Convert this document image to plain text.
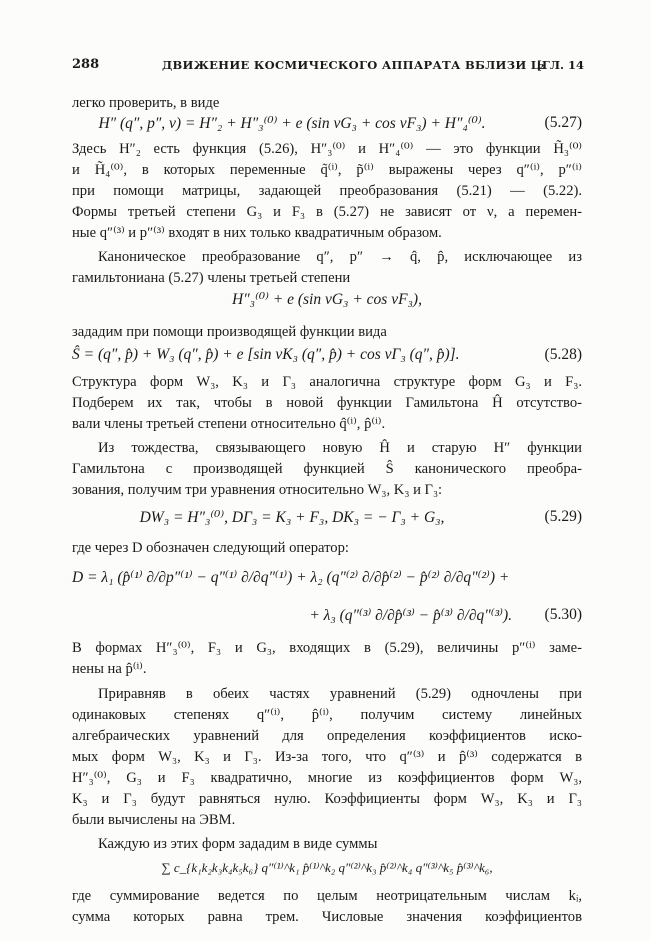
288	ДВИЖЕНИЕ КОСМИЧЕСКОГО АППАРАТА ВБЛИЗИ L₂
[ГЛ. 14
легко проверить, в виде
H″ (q″, p″, ν) = H″₂ + H″₃⁽⁰⁾ + e (sin νG₃ + cos νF₃) + H″₄⁽⁰⁾.	(5.27)
Здесь H″₂ есть функция (5.26), H″₃⁽⁰⁾ и H″₄⁽⁰⁾ — это функции H̃₃⁽⁰⁾
и H̃₄⁽⁰⁾, в которых переменные q̃⁽ⁱ⁾, p̃⁽ⁱ⁾ выражены через q″⁽ⁱ⁾, p″⁽ⁱ⁾
при помощи матрицы, задающей преобразования (5.21) — (5.22).
Формы третьей степени G₃ и F₃ в (5.27) не зависят от ν, а перемен-
ные q″⁽³⁾ и p″⁽³⁾ входят в них только квадратичным образом.
Каноническое преобразование q″, p″ → q̂, p̂, исключающее из
гамильтониана (5.27) члены третьей степени
H″₃⁽⁰⁾ + e (sin νG₃ + cos νF₃),
зададим при помощи производящей функции вида
Ŝ = (q″, p̂) + W₃ (q″, p̂) + e [sin νK₃ (q″, p̂) + cos νΓ₃ (q″, p̂)].	(5.28)
Структура форм W₃, K₃ и Γ₃ аналогична структуре форм G₃ и F₃.
Подберем их так, чтобы в новой функции Гамильтона Ĥ отсутство-
вали члены третьей степени относительно q̂⁽ⁱ⁾, p̂⁽ⁱ⁾.
Из тождества, связывающего новую Ĥ и старую H″ функции
Гамильтона с производящей функцией Ŝ канонического преобра-
зования, получим три уравнения относительно W₃, K₃ и Γ₃:
DW₃ = H″₃⁽⁰⁾, DΓ₃ = K₃ + F₃, DK₃ = − Γ₃ + G₃,	(5.29)
где через D обозначен следующий оператор:
D = λ₁ (p̂⁽¹⁾ ∂/∂p″⁽¹⁾ − q″⁽¹⁾ ∂/∂q″⁽¹⁾) + λ₂ (q″⁽²⁾ ∂/∂p̂⁽²⁾ − p̂⁽²⁾ ∂/∂q″⁽²⁾) +
+ λ₃ (q″⁽³⁾ ∂/∂p̂⁽³⁾ − p̂⁽³⁾ ∂/∂q″⁽³⁾). (5.30)
В формах H″₃⁽⁰⁾, F₃ и G₃, входящих в (5.29), величины p″⁽ⁱ⁾ заме-
нены на p̂⁽ⁱ⁾.
Приравняв в обеих частях уравнений (5.29) одночлены при
одинаковых степенях q″⁽ⁱ⁾, p̂⁽ⁱ⁾, получим систему линейных
алгебраических уравнений для определения коэффициентов иско-
мых форм W₃, K₃ и Γ₃. Из-за того, что q″⁽³⁾ и p̂⁽³⁾ содержатся в
H″₃⁽⁰⁾, G₃ и F₃ квадратично, многие из коэффициентов форм W₃,
K₃ и Γ₃ будут равняться нулю. Коэффициенты форм W₃, K₃ и Γ₃
были вычислены на ЭВМ.
Каждую из этих форм зададим в виде суммы
∑ c_{k₁k₂k₃k₄k₅k₆} q″⁽¹⁾^k₁ p̂⁽¹⁾^k₂ q″⁽²⁾^k₃ p̂⁽²⁾^k₄ q″⁽³⁾^k₅ p̂⁽³⁾^k₆,
где суммирование ведется по целым неотрицательным числам kᵢ,
сумма которых равна трем. Числовые значения коэффициентов
